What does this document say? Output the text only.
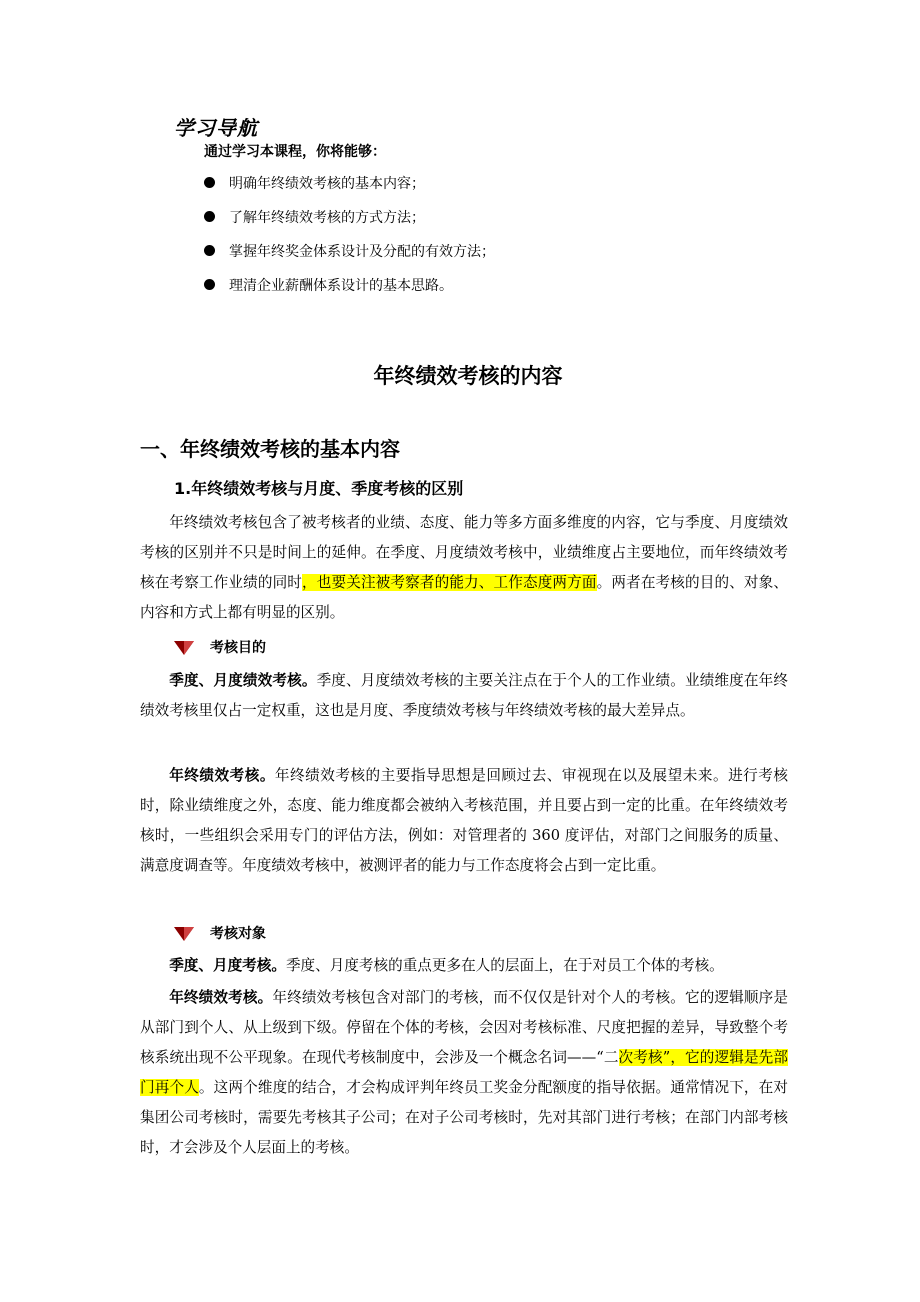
学习导航
通过学习本课程，你将能够：
明确年终绩效考核的基本内容；
了解年终绩效考核的方式方法；
掌握年终奖金体系设计及分配的有效方法；
理清企业薪酬体系设计的基本思路。
年终绩效考核的内容
一、年终绩效考核的基本内容
1.年终绩效考核与月度、季度考核的区别

年终绩效考核包含了被考核者的业绩、态度、能力等多方面多维度的内容，它与季度、月度绩效考核的区别并不只是时间上的延伸。在季度、月度绩效考核中，业绩维度占主要地位，而年终绩效考核在考察工作业绩的同时，也要关注被考察者的能力、工作态度两方面。两者在考核的目的、对象、内容和方式上都有明显的区别。

考核目的

季度、月度绩效考核。季度、月度绩效考核的主要关注点在于个人的工作业绩。业绩维度在年终绩效考核里仅占一定权重，这也是月度、季度绩效考核与年终绩效考核的最大差异点。

年终绩效考核。年终绩效考核的主要指导思想是回顾过去、审视现在以及展望未来。进行考核时，除业绩维度之外，态度、能力维度都会被纳入考核范围，并且要占到一定的比重。在年终绩效考核时，一些组织会采用专门的评估方法，例如：对管理者的 360 度评估，对部门之间服务的质量、满意度调查等。年度绩效考核中，被测评者的能力与工作态度将会占到一定比重。

考核对象

季度、月度考核。季度、月度考核的重点更多在人的层面上，在于对员工个体的考核。

年终绩效考核。年终绩效考核包含对部门的考核，而不仅仅是针对个人的考核。它的逻辑顺序是从部门到个人、从上级到下级。停留在个体的考核，会因对考核标准、尺度把握的差异，导致整个考核系统出现不公平现象。在现代考核制度中，会涉及一个概念名词——“二次考核”，它的逻辑是先部门再个人。这两个维度的结合，才会构成评判年终员工奖金分配额度的指导依据。通常情况下，在对集团公司考核时，需要先考核其子公司；在对子公司考核时，先对其部门进行考核；在部门内部考核时，才会涉及个人层面上的考核。
